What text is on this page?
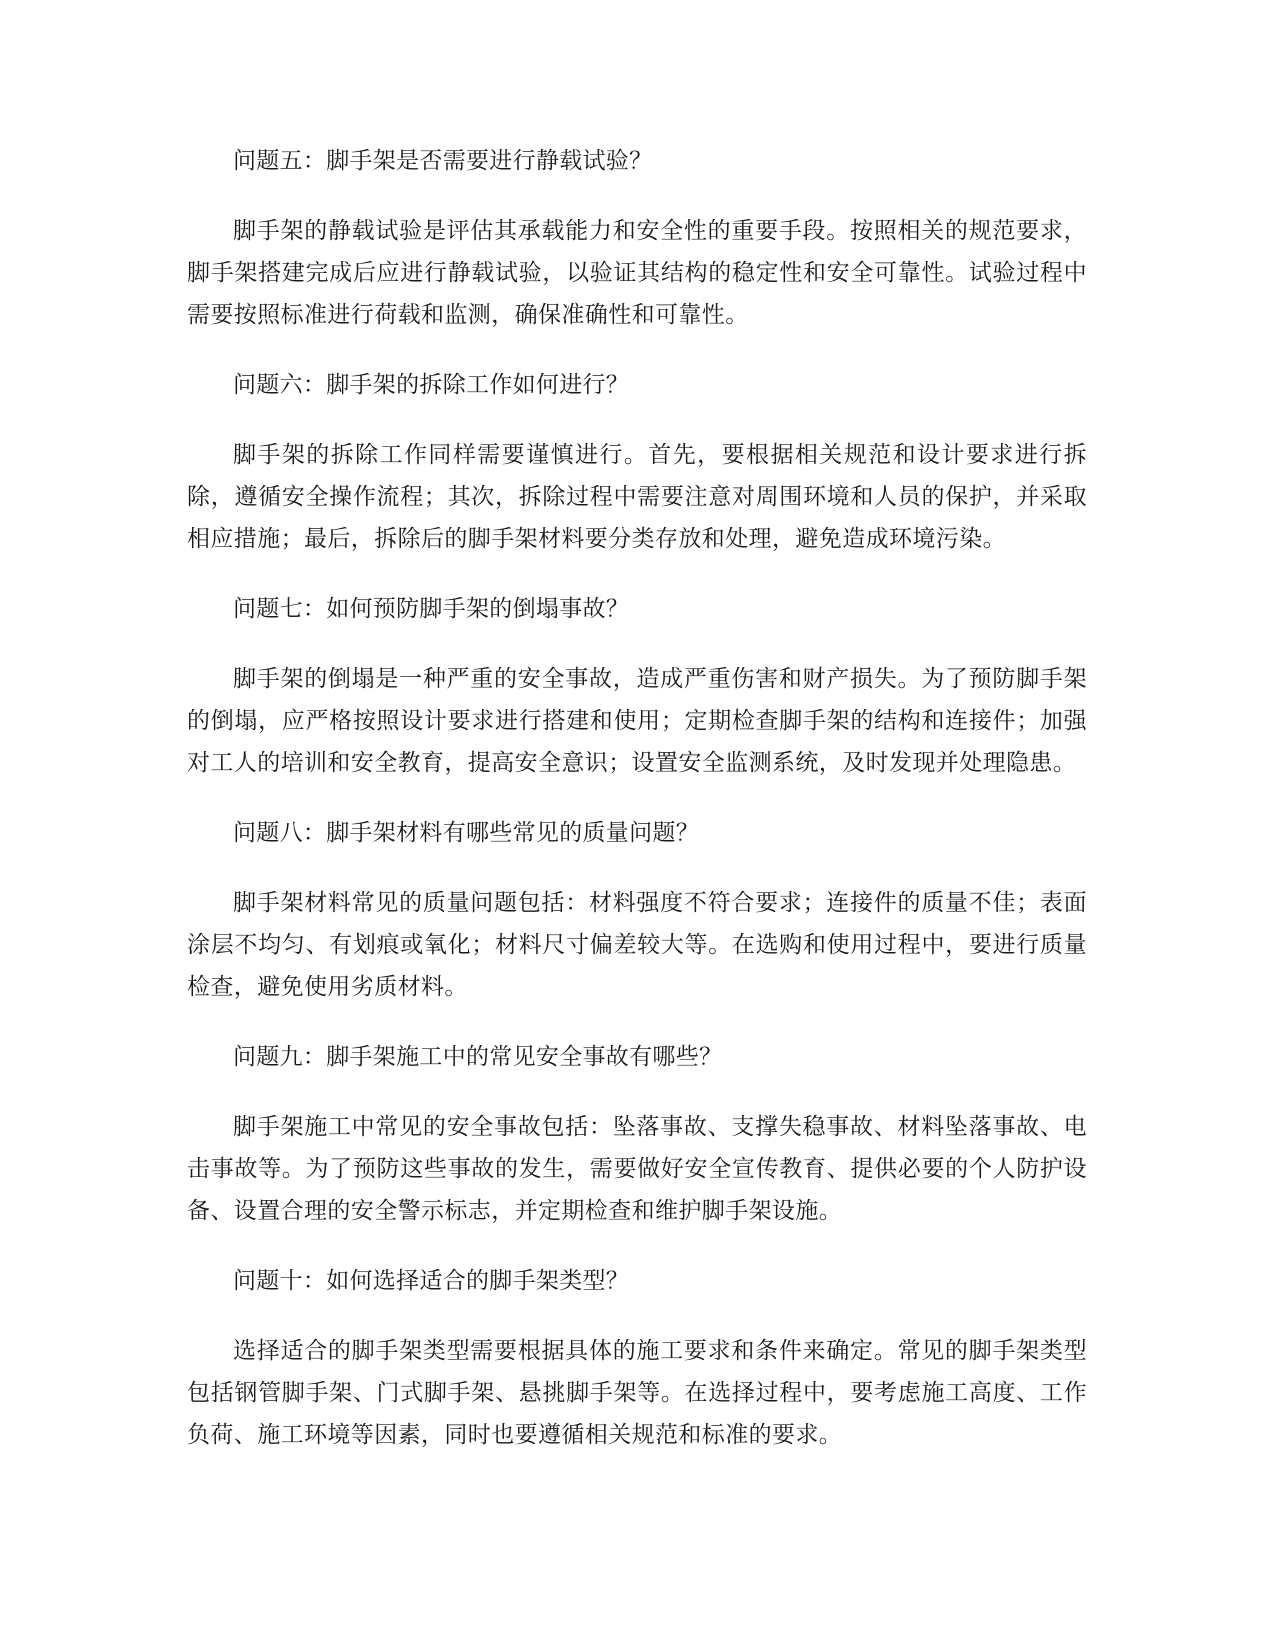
问题五：脚手架是否需要进行静载试验？

脚手架的静载试验是评估其承载能力和安全性的重要手段。按照相关的规范要求，脚手架搭建完成后应进行静载试验，以验证其结构的稳定性和安全可靠性。试验过程中需要按照标准进行荷载和监测，确保准确性和可靠性。

问题六：脚手架的拆除工作如何进行？

脚手架的拆除工作同样需要谨慎进行。首先，要根据相关规范和设计要求进行拆除，遵循安全操作流程；其次，拆除过程中需要注意对周围环境和人员的保护，并采取相应措施；最后，拆除后的脚手架材料要分类存放和处理，避免造成环境污染。

问题七：如何预防脚手架的倒塌事故？

脚手架的倒塌是一种严重的安全事故，造成严重伤害和财产损失。为了预防脚手架的倒塌，应严格按照设计要求进行搭建和使用；定期检查脚手架的结构和连接件；加强对工人的培训和安全教育，提高安全意识；设置安全监测系统，及时发现并处理隐患。

问题八：脚手架材料有哪些常见的质量问题？

脚手架材料常见的质量问题包括：材料强度不符合要求；连接件的质量不佳；表面涂层不均匀、有划痕或氧化；材料尺寸偏差较大等。在选购和使用过程中，要进行质量检查，避免使用劣质材料。

问题九：脚手架施工中的常见安全事故有哪些？

脚手架施工中常见的安全事故包括：坠落事故、支撑失稳事故、材料坠落事故、电击事故等。为了预防这些事故的发生，需要做好安全宣传教育、提供必要的个人防护设备、设置合理的安全警示标志，并定期检查和维护脚手架设施。

问题十：如何选择适合的脚手架类型？

选择适合的脚手架类型需要根据具体的施工要求和条件来确定。常见的脚手架类型包括钢管脚手架、门式脚手架、悬挑脚手架等。在选择过程中，要考虑施工高度、工作负荷、施工环境等因素，同时也要遵循相关规范和标准的要求。
